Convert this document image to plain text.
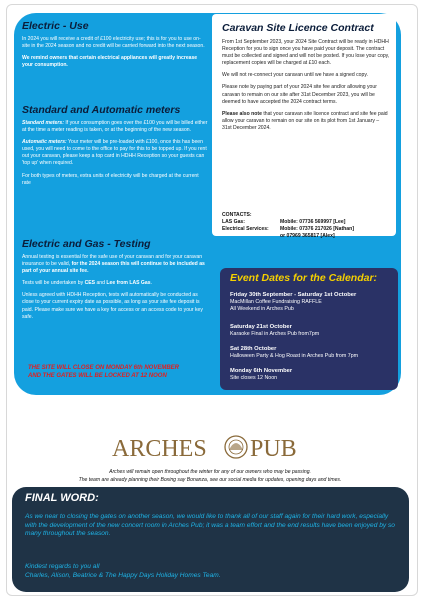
Electric - Use

In 2024 you will receive a credit of £100 electricity use; this is for you to use on-site in the 2024 season and no credit will be carried forward into the next season.

We remind owners that certain electrical appliances will greatly increase your consumption.

Standard and Automatic meters

Standard meters: If your consumption goes over the £100 you will be billed either at the time a meter reading is taken, or at the beginning of the new season.

Automatic meters: Your meter will be pre-loaded with £100, once this has been used, you will need to come to the office to pay for this to be topped up. If you rent out your caravan, please keep a top card in HDHH Reception so your guests can 'top up' when required.

For both types of meters, extra units of electricity will be charged at the current rate

Electric and Gas - Testing

Annual testing is essential for the safe use of your caravan and for your caravan insurance to be valid, for the 2024 season this will continue to be included as part of your annual site fee.

Tests will be undertaken by CES and Lee from LAS Gas.

Unless agreed with HDHH Reception, tests will automatically be conducted as close to your current expiry date as possible, as long as your site fee deposit is paid. Please make sure we have a key for access or an access code to your key safe.

Caravan Site Licence Contract

From 1st September 2023, your 2024 Site Contract will be ready in HDHH Reception for you to sign once you have paid your deposit. The contract must be collected and signed and will not be posted. If you lose your copy, replacement copies will be charged at £10 each.

We will not re-connect your caravan until we have a signed copy.

Please note by paying part of your 2024 site fee and/or allowing your caravan to remain on our site after 31st December 2023, you will be deemed to have accepted the 2024 contract terms.

Please also note that your caravan site licence contract and site fee paid allow your caravan to remain on our site on its plot from 1st January – 31st December 2024.

CONTACTS:
LAS Gas:	Mobile: 07736 569997 [Lee]
Electrical Services:	Mobile: 07376 217026 [Nathan]
or 07969 365817 [Alex]
Event Dates for the Calendar:
Friday 30th September - Saturday 1st October
MacMillan Coffee Fundraising RAFFLE
All Weekend in Arches Pub
Saturday 21st October
Karaoke Final in Arches Pub from7pm
Sat 28th October
Halloween Party & Hog Roast in Arches Pub from 7pm
Monday 6th November
Site closes 12 Noon
THE SITE WILL CLOSE ON MONDAY 6th NOVEMBER
AND THE GATES WILL BE LOCKED AT 12 NOON
ARCHES PUB
Arches will remain open throughout the winter for any of our owners who may be passing.
The team are already planning their Boxing say Bonanza, see our social media for updates, opening days and times.
FINAL WORD:
As we near to closing the gates on another season, we would like to thank all of our staff again for their hard work, especially with the development of the new concert room in Arches Pub; it was a team effort and the end results have been enjoyed by so many throughout the season.
Kindest regards to you all
Charles, Alison, Beatrice & The Happy Days Holiday Homes Team.
